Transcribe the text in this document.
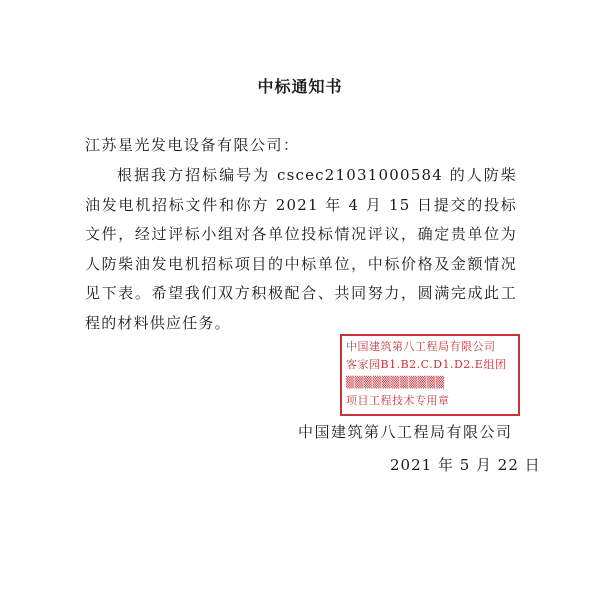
中标通知书
江苏星光发电设备有限公司：
根据我方招标编号为 cscec21031000584 的人防柴油发电机招标文件和你方 2021 年 4 月 15 日提交的投标文件，经过评标小组对各单位投标情况评议，确定贵单位为人防柴油发电机招标项目的中标单位，中标价格及金额情况见下表。希望我们双方积极配合、共同努力，圆满完成此工程的材料供应任务。
中国建筑第八工程局有限公司
客家园B1.B2.C.D1.D2.E组团
▒▒▒▒▒▒▒▒▒▒▒
项目工程技术专用章
中国建筑第八工程局有限公司
2021 年 5 月 22 日
